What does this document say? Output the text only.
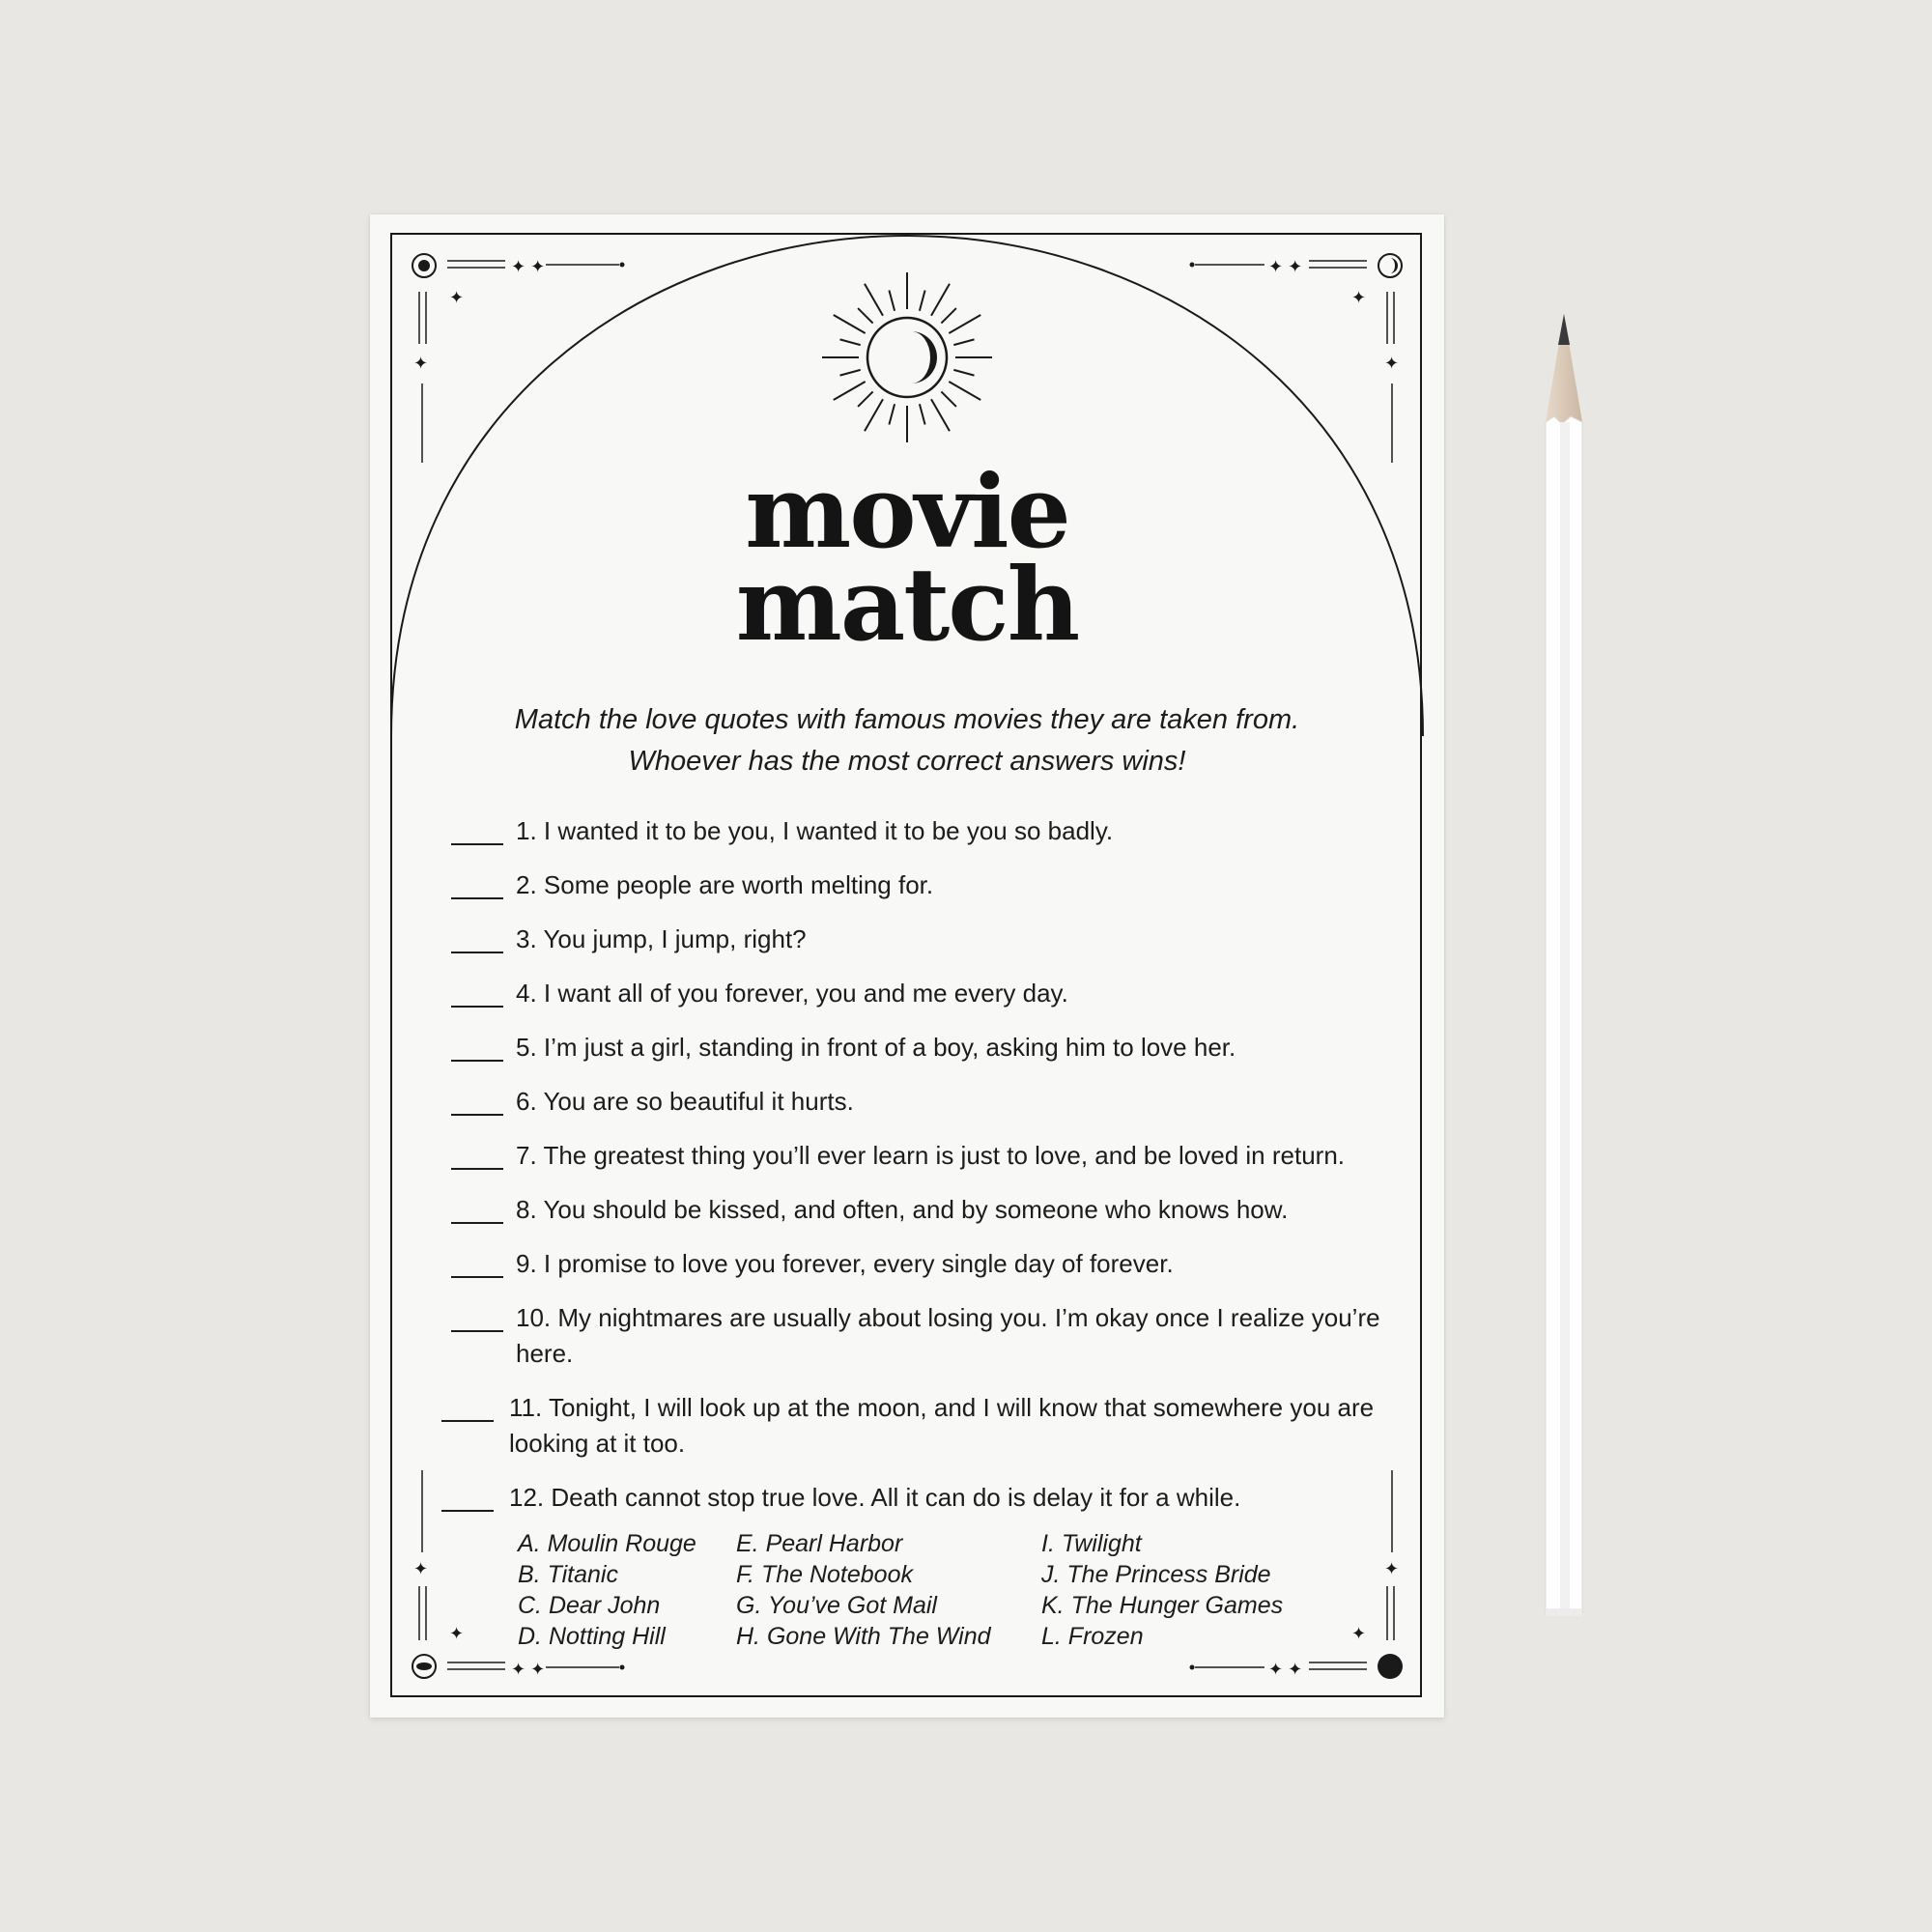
✦ ✦
✦
✦
✦ ✦
✦
✦
✦ ✦
✦
✦
✦ ✦
✦
✦
movie
match
Match the love quotes with famous movies they are taken from.
Whoever has the most correct answers wins!
1. I wanted it to be you, I wanted it to be you so badly.
2. Some people are worth melting for.
3. You jump, I jump, right?
4. I want all of you forever, you and me every day.
5. I’m just a girl, standing in front of a boy, asking him to love her.
6. You are so beautiful it hurts.
7. The greatest thing you’ll ever learn is just to love, and be loved in return.
8. You should be kissed, and often, and by someone who knows how.
9. I promise to love you forever, every single day of forever.
10. My nightmares are usually about losing you. I’m okay once I realize you’re here.
11. Tonight, I will look up at the moon, and I will know that somewhere you are looking at it too.
12. Death cannot stop true love. All it can do is delay it for a while.
A. Moulin Rouge
B. Titanic
C. Dear John
D. Notting Hill
E. Pearl Harbor
F. The Notebook
G. You’ve Got Mail
H. Gone With The Wind
I. Twilight
J. The Princess Bride
K. The Hunger Games
L. Frozen
